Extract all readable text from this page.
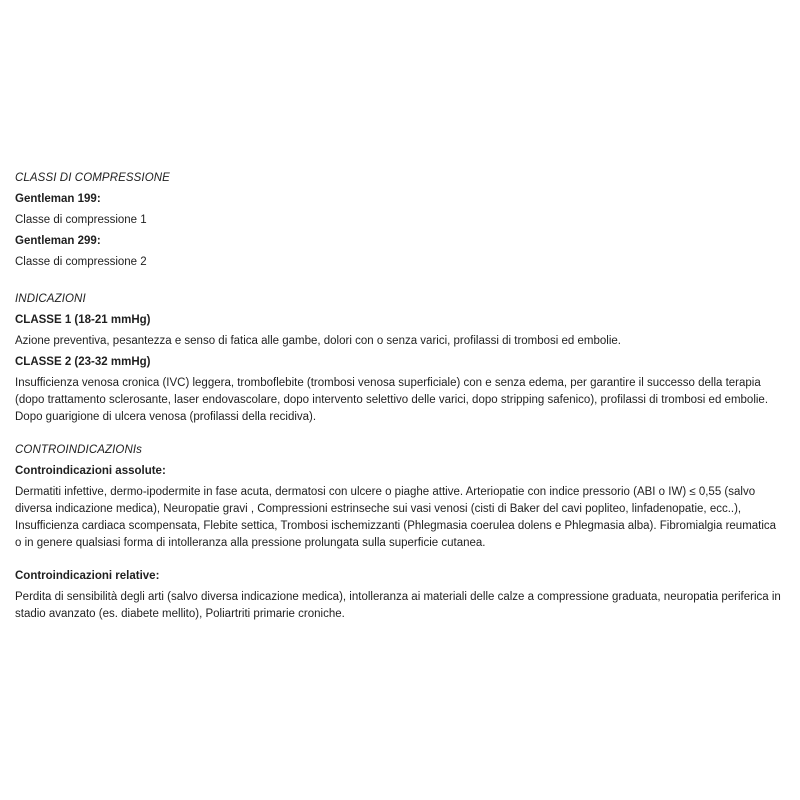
CLASSI DI COMPRESSIONE

Gentleman 199:

Classe di compressione 1

Gentleman 299:

Classe di compressione 2

INDICAZIONI

CLASSE 1 (18-21 mmHg)

Azione preventiva, pesantezza e senso di fatica alle gambe, dolori con o senza varici, profilassi di trombosi ed embolie.

CLASSE 2 (23-32 mmHg)

Insufficienza venosa cronica (IVC) leggera, tromboflebite (trombosi venosa superficiale) con e senza edema, per garantire il successo della terapia (dopo trattamento sclerosante, laser endovascolare, dopo intervento selettivo delle varici, dopo stripping safenico), profilassi di trombosi ed embolie. Dopo guarigione di ulcera venosa (profilassi della recidiva).

CONTROINDICAZIONIs

Controindicazioni assolute:

Dermatiti infettive, dermo-ipodermite in fase acuta, dermatosi con ulcere o piaghe attive. Arteriopatie con indice pressorio (ABI o IW) ≤ 0,55 (salvo diversa indicazione medica), Neuropatie gravi , Compressioni estrinseche sui vasi venosi (cisti di Baker del cavi popliteo, linfadenopatie, ecc..), Insufficienza cardiaca scompensata, Flebite settica, Trombosi ischemizzanti (Phlegmasia coerulea dolens e Phlegmasia alba). Fibromialgia reumatica o in genere qualsiasi forma di intolleranza alla pressione prolungata sulla superficie cutanea.

Controindicazioni relative:

Perdita di sensibilità degli arti (salvo diversa indicazione medica), intolleranza ai materiali delle calze a compressione graduata, neuropatia periferica in stadio avanzato (es. diabete mellito), Poliartriti primarie croniche.
